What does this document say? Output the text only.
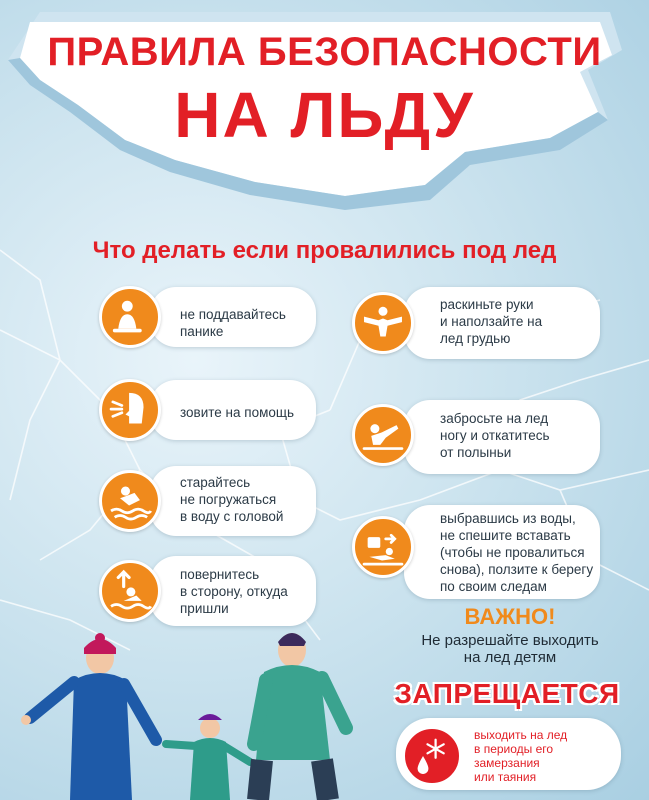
ПРАВИЛА БЕЗОПАСНОСТИ
НА ЛЬДУ
Что делать если провалились под лед
не поддавайтесь
панике
зовите на помощь
старайтесь
не погружаться
в воду с головой
повернитесь
в сторону, откуда
пришли
раскиньте руки
и наползайте на
лед грудью
забросьте на лед
ногу и откатитесь
от полыньи
выбравшись из воды,
не спешите вставать
(чтобы не провалиться
снова), ползите к берегу
по своим следам
ВАЖНО!
Не разрешайте выходить
на лед детям
ЗАПРЕЩАЕТСЯ
выходить на лед
в периоды его
замерзания
или таяния
